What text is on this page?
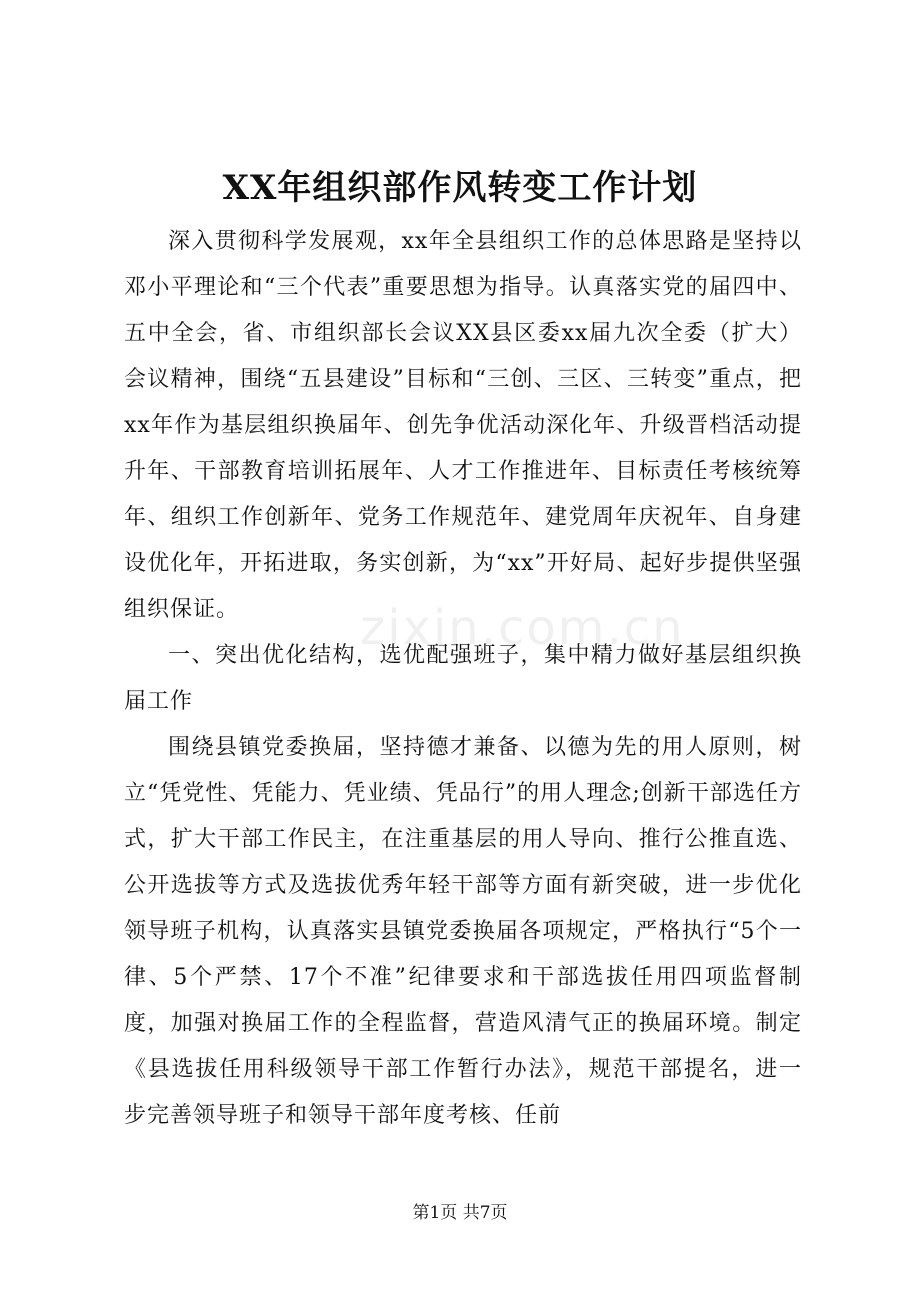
XX年组织部作风转变工作计划
zixin.com.cn

深入贯彻科学发展观，xx年全县组织工作的总体思路是坚持以邓小平理论和“三个代表”重要思想为指导。认真落实党的届四中、五中全会，省、市组织部长会议XX县区委xx届九次全委（扩大）会议精神，围绕“五县建设”目标和“三创、三区、三转变”重点，把xx年作为基层组织换届年、创先争优活动深化年、升级晋档活动提升年、干部教育培训拓展年、人才工作推进年、目标责任考核统筹年、组织工作创新年、党务工作规范年、建党周年庆祝年、自身建设优化年，开拓进取，务实创新，为“xx”开好局、起好步提供坚强组织保证。

一、突出优化结构，选优配强班子，集中精力做好基层组织换届工作

围绕县镇党委换届，坚持德才兼备、以德为先的用人原则，树立“凭党性、凭能力、凭业绩、凭品行”的用人理念;创新干部选任方式，扩大干部工作民主，在注重基层的用人导向、推行公推直选、公开选拔等方式及选拔优秀年轻干部等方面有新突破，进一步优化领导班子机构，认真落实县镇党委换届各项规定，严格执行“5个一律、5个严禁、17个不准”纪律要求和干部选拔任用四项监督制度，加强对换届工作的全程监督，营造风清气正的换届环境。制定《县选拔任用科级领导干部工作暂行办法》，规范干部提名，进一步完善领导班子和领导干部年度考核、任前

第1页 共7页
